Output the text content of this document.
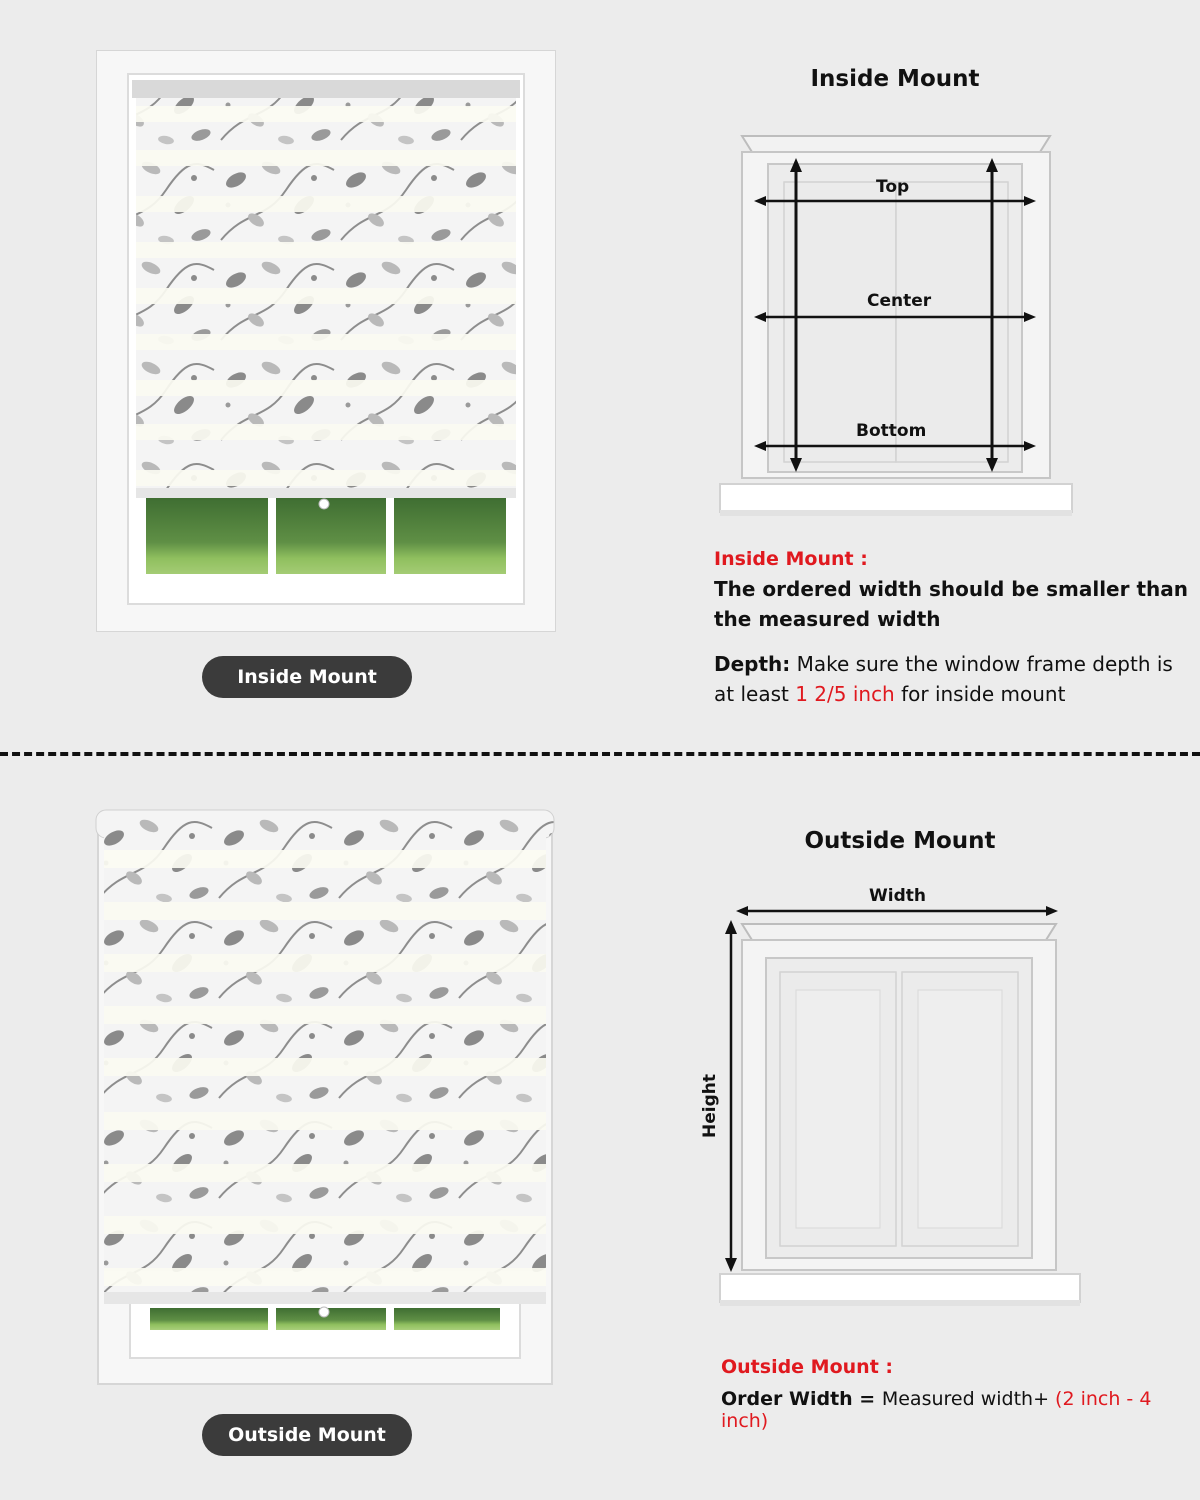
Inside Mount
Inside Mount
Top
Center
Bottom
Inside Mount :
The ordered width should be smaller than
the measured width
Depth: Make sure the window frame depth is
at least 1 2/5 inch for inside mount
Outside Mount
Outside Mount
Width
Height
Outside Mount :
Order Width = Measured width+ (2 inch - 4 inch)
